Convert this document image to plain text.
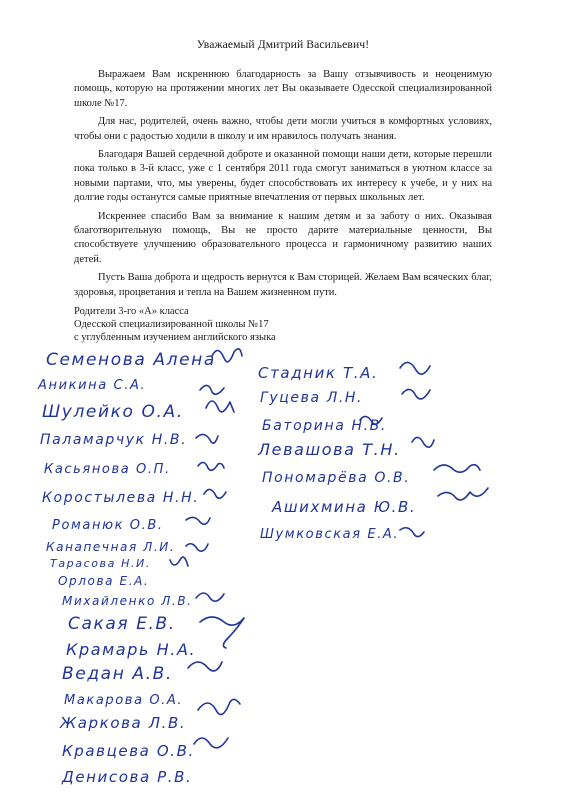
Уважаемый Дмитрий Васильевич!

Выражаем Вам искреннюю благодарность за Вашу отзывчивость и неоценимую помощь, которую на протяжении многих лет Вы оказываете Одесской специализированной школе №17.

Для нас, родителей, очень важно, чтобы дети могли учиться в комфортных условиях, чтобы они с радостью ходили в школу и им нравилось получать знания.

Благодаря Вашей сердечной доброте и оказанной помощи наши дети, которые перешли пока только в 3-й класс, уже с 1 сентября 2011 года смогут заниматься в уютном классе за новыми партами, что, мы уверены, будет способствовать их интересу к учебе, и у них на долгие годы останутся самые приятные впечатления от первых школьных лет.

Искреннее спасибо Вам за внимание к нашим детям и за заботу о них. Оказывая благотворительную помощь, Вы не просто дарите материальные ценности, Вы способствуете улучшению образовательного процесса и гармоничному развитию наших детей.

Пусть Ваша доброта и щедрость вернутся к Вам сторицей. Желаем Вам всяческих благ, здоровья, процветания и тепла на Вашем жизненном пути.

Родители 3-го «А» класса
Одесской специализированной школы №17
с углубленным изучением английского языка
Семенова Алена
Аникина С.А.
Шулейко О.А.
Паламарчук Н.В.
Касьянова О.П.
Коростылева Н.Н.
Романюк О.В.
Канапечная Л.И.
Тарасова Н.И.
Орлова Е.А.
Михайленко Л.В.
Сакая Е.В.
Крамарь Н.А.
Ведан А.В.
Макарова О.А.
Жаркова Л.В.
Кравцева О.В.
Денисова Р.В.
Стадник Т.А.
Гуцева Л.Н.
Баторина Н.В.
Левашова Т.Н.
Пономарёва О.В.
Ашихмина Ю.В.
Шумковская Е.А.
